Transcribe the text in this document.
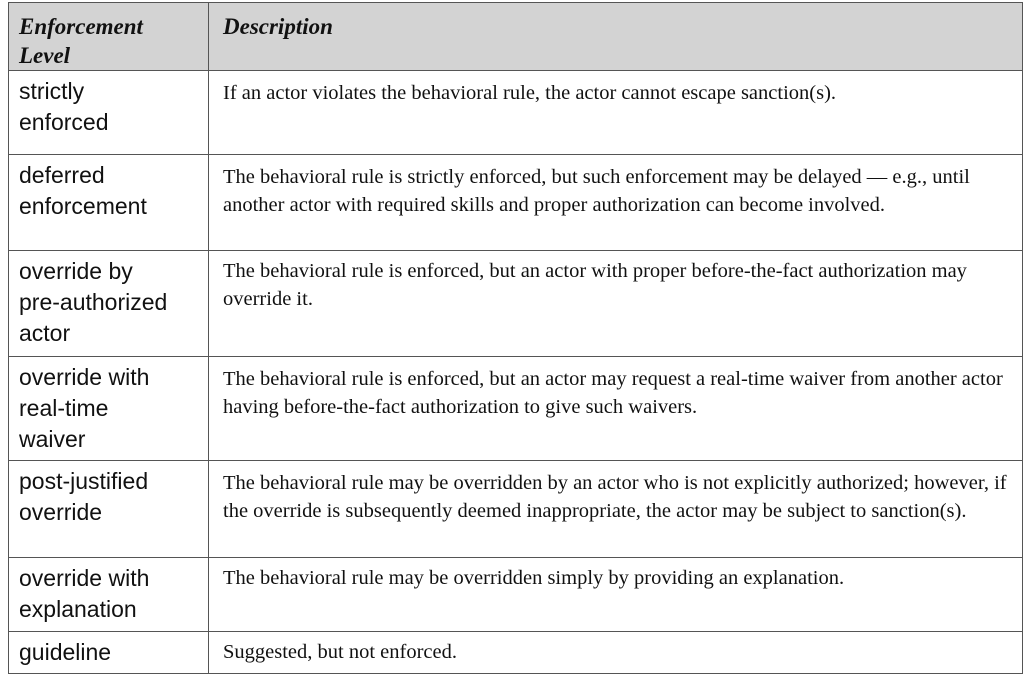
Enforcement Level	Description

strictly enforced	If an actor violates the behavioral rule, the actor cannot escape sanction(s).

deferred enforcement	The behavioral rule is strictly enforced, but such enforcement may be delayed — e.g., until another actor with required skills and proper authorization can become involved.

override by pre-authorized actor	The behavioral rule is enforced, but an actor with proper before-the-fact authorization may override it.

override with real-time waiver	The behavioral rule is enforced, but an actor may request a real-time waiver from another actor having before-the-fact authorization to give such waivers.

post-justified override	The behavioral rule may be overridden by an actor who is not explicitly authorized; however, if the override is subsequently deemed inappropriate, the actor may be subject to sanction(s).

override with explanation	The behavioral rule may be overridden simply by providing an explanation.

guideline	Suggested, but not enforced.
